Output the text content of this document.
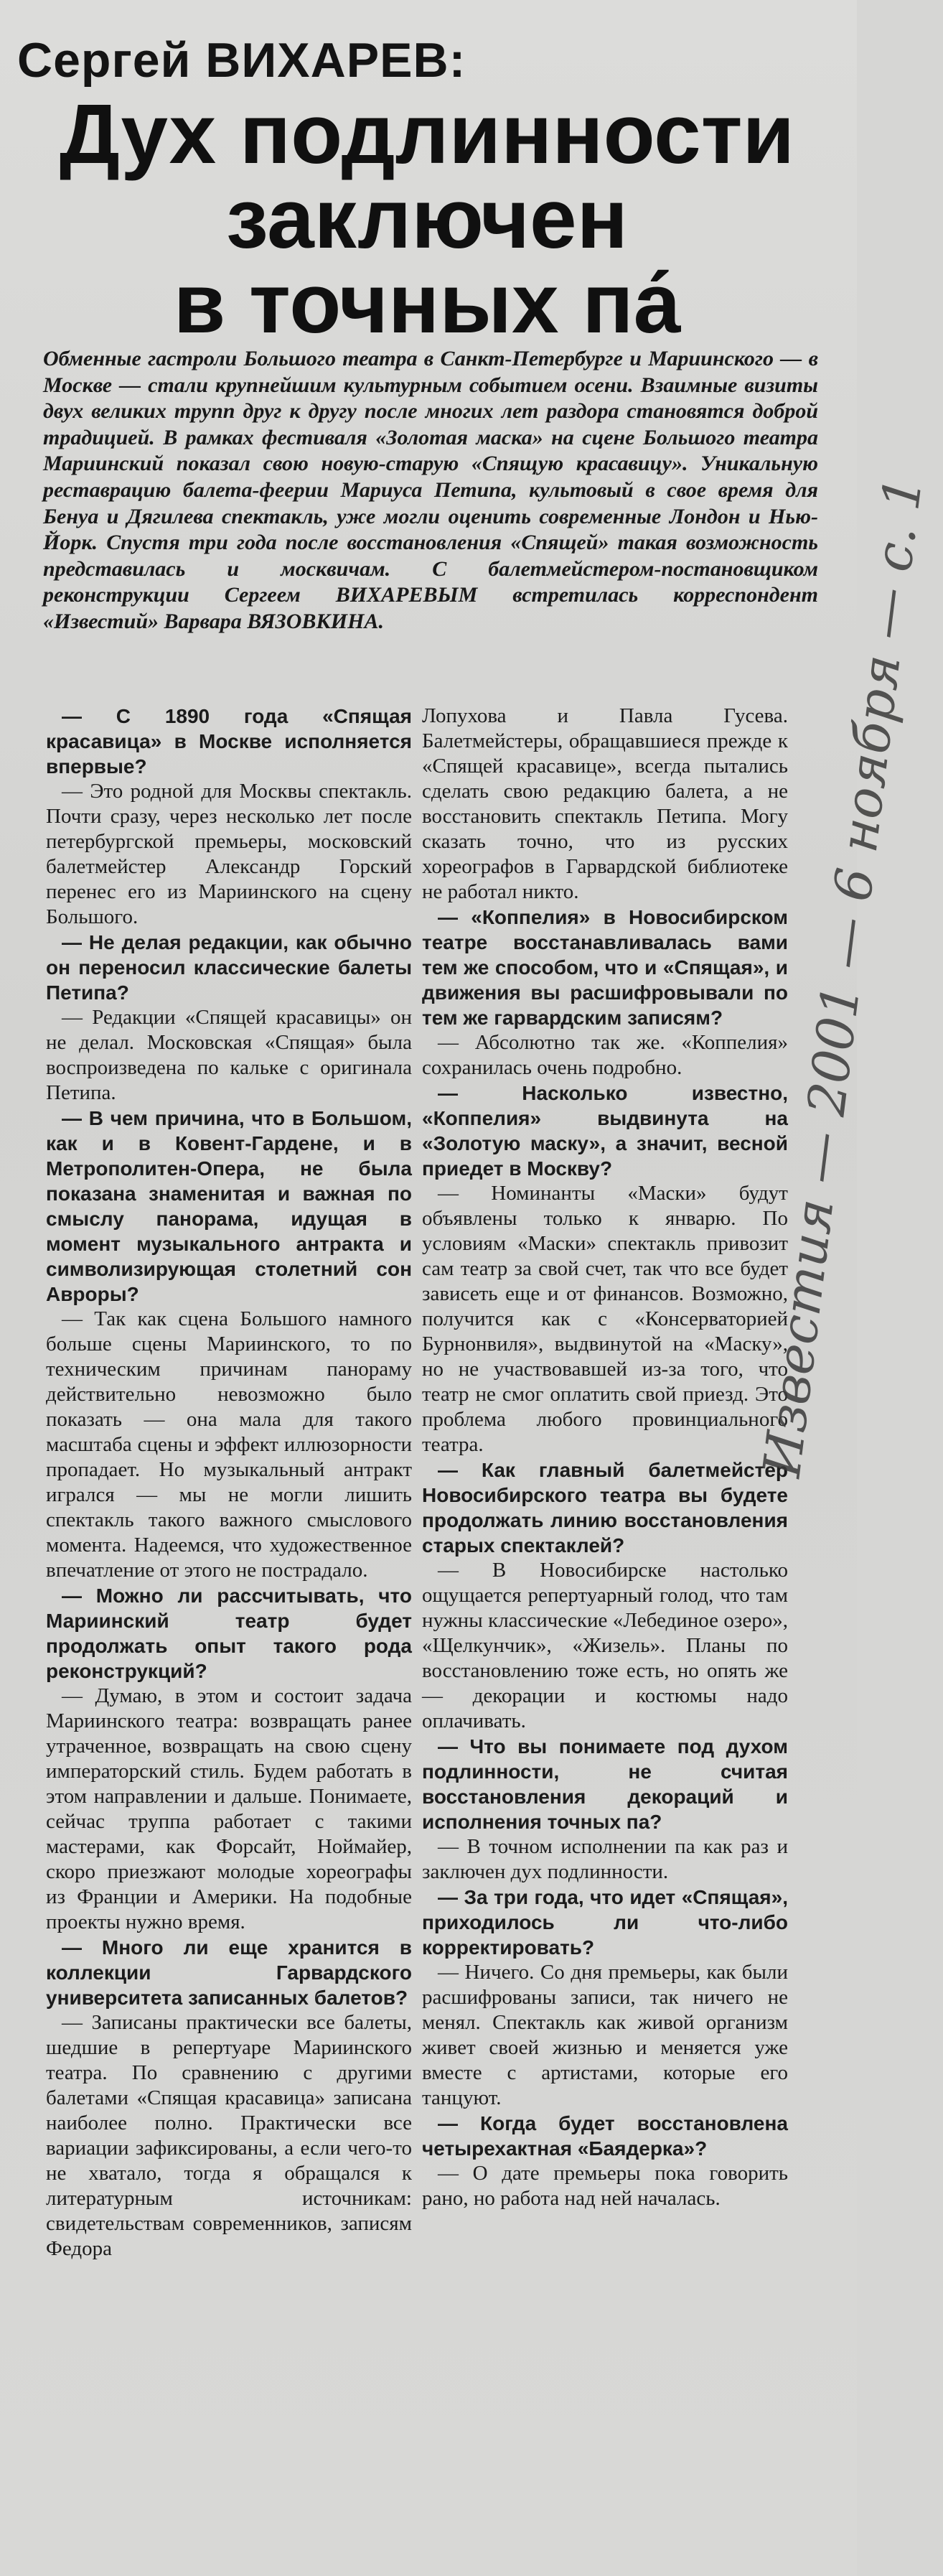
Сергей ВИХАРЕВ:
Дух подлинности
заключен
в точных па́
Обменные гастроли Большого театра в Санкт-Петербурге и Мариинского — в Москве — стали крупнейшим культурным событием осени. Взаимные визиты двух великих трупп друг к другу после многих лет раздора становятся доброй традицией. В рамках фестиваля «Золотая маска» на сцене Большого театра Мариинский показал свою новую-старую «Спящую красавицу». Уникальную реставрацию балета-феерии Мариуса Петипа, культовый в свое время для Бенуа и Дягилева спектакль, уже могли оценить современные Лондон и Нью-Йорк. Спустя три года после восстановления «Спящей» такая возможность представилась и москвичам. С балетмейстером-постановщиком реконструкции Сергеем ВИХАРЕВЫМ встретилась корреспондент «Известий» Варвара ВЯЗОВКИНА.

— С 1890 года «Спящая красавица» в Москве исполняется впервые?

— Это родной для Москвы спектакль. Почти сразу, через несколько лет после петербургской премьеры, московский балетмейстер Александр Горский перенес его из Мариинского на сцену Большого.

— Не делая редакции, как обычно он переносил классические балеты Петипа?

— Редакции «Спящей красавицы» он не делал. Московская «Спящая» была воспроизведена по калькe с оригинала Петипа.

— В чем причина, что в Большом, как и в Ковент-Гардене, и в Метрополитен-Опера, не была показана знаменитая и важная по смыслу панорама, идущая в момент музыкального антракта и символизирующая столетний сон Авроры?

— Так как сцена Большого намного больше сцены Мариинского, то по техническим причинам панораму действительно невозможно было показать — она мала для такого масштаба сцены и эффект иллюзорности пропадает. Но музыкальный антракт игрался — мы не могли лишить спектакль такого важного смыслового момента. Надеемся, что художественное впечатление от этого не пострадало.

— Можно ли рассчитывать, что Мариинский театр будет продолжать опыт такого рода реконструкций?

— Думаю, в этом и состоит задача Мариинского театра: возвращать ранее утраченное, возвращать на свою сцену императорский стиль. Будем работать в этом направлении и дальше. Понимаете, сейчас труппа работает с такими мастерами, как Форсайт, Ноймайер, скоро приезжают молодые хореографы из Франции и Америки. На подобные проекты нужно время.

— Много ли еще хранится в коллекции Гарвардского университета записанных балетов?

— Записаны практически все балеты, шедшие в репертуаре Мариинского театра. По сравнению с другими балетами «Спящая красавица» записана наиболее полно. Практически все вариации зафиксированы, а если чего-то не хватало, тогда я обращался к литературным источникам: свидетельствам современников, записям Федора

Лопухова и Павла Гусева. Балетмейстеры, обращавшиеся прежде к «Спящей красавице», всегда пытались сделать свою редакцию балета, а не восстановить спектакль Петипа. Могу сказать точно, что из русских хореографов в Гарвардской библиотеке не работал никто.

— «Коппелия» в Новосибирском театре восстанавливалась вами тем же способом, что и «Спящая», и движения вы расшифровывали по тем же гарвардским записям?

— Абсолютно так же. «Коппелия» сохранилась очень подробно.

— Насколько известно, «Коппелия» выдвинута на «Золотую маску», а значит, весной приедет в Москву?

— Номинанты «Маски» будут объявлены только к январю. По условиям «Маски» спектакль привозит сам театр за свой счет, так что все будет зависеть еще и от финансов. Возможно, получится как с «Консерваторией Бурнонвиля», выдвинутой на «Маску», но не участвовавшей из-за того, что театр не смог оплатить свой приезд. Это проблема любого провинциального театра.

— Как главный балетмейстер Новосибирского театра вы будете продолжать линию восстановления старых спектаклей?

— В Новосибирске настолько ощущается репертуарный голод, что там нужны классические «Лебединое озеро», «Щелкунчик», «Жизель». Планы по восстановлению тоже есть, но опять же — декорации и костюмы надо оплачивать.

— Что вы понимаете под духом подлинности, не считая восстановления декораций и исполнения точных па?

— В точном исполнении па как раз и заключен дух подлинности.

— За три года, что идет «Спящая», приходилось ли что-либо корректировать?

— Ничего. Со дня премьеры, как были расшифрованы записи, так ничего не менял. Спектакль как живой организм живет своей жизнью и меняется уже вместе с артистами, которые его танцуют.

— Когда будет восстановлена четырехактная «Баядерка»?

— О дате премьеры пока говорить рано, но работа над ней началась.

Известия — 2001 — 6 ноября — с. 1
